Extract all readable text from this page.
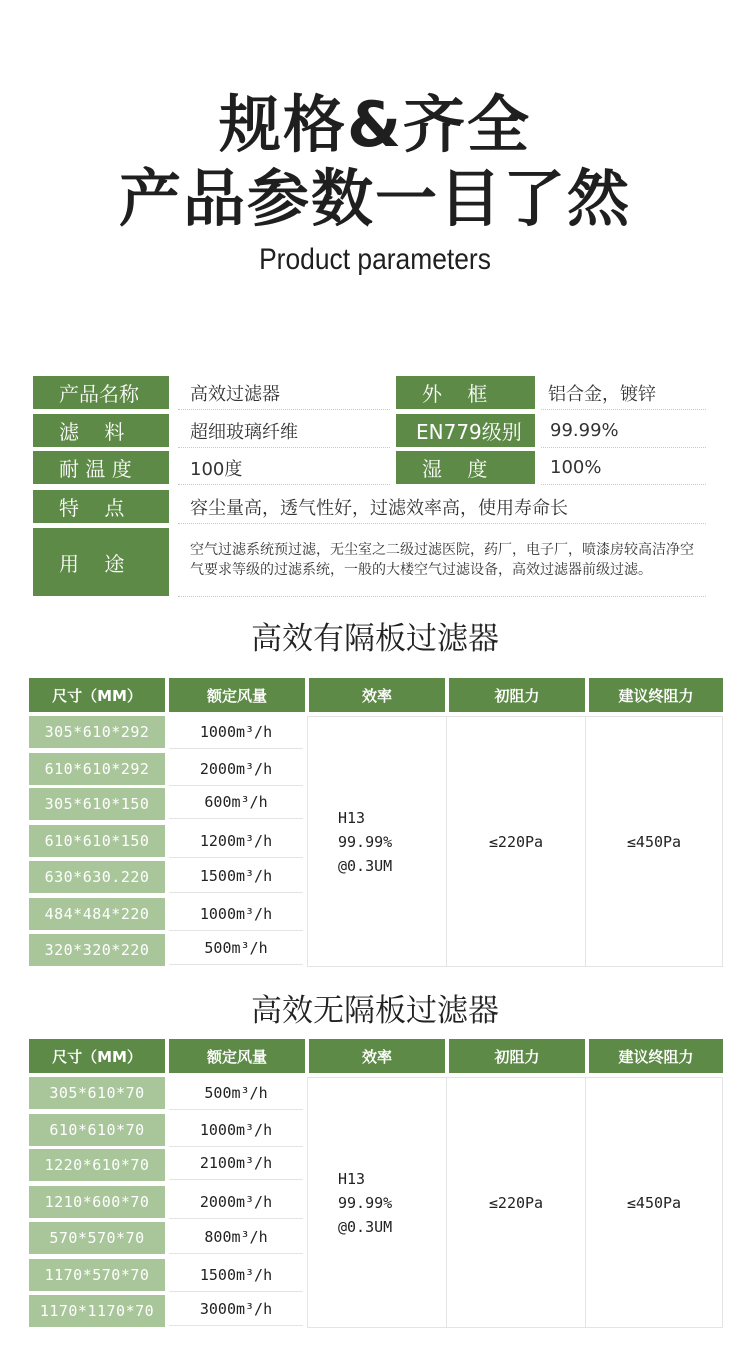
规格&齐全
产品参数一目了然
Product parameters
产品名称	高效过滤器	外    框	铝合金，镀锌
滤    料	超细玻璃纤维	EN779级别	99.99%
耐 温 度	100度	湿    度	100%
特    点	容尘量高，透气性好，过滤效率高，使用寿命长
用    途
空气过滤系统预过滤，无尘室之二级过滤医院，药厂，电子厂，喷漆房较高洁净空气要求等级的过滤系统，一般的大楼空气过滤设备，高效过滤器前级过滤。
高效有隔板过滤器
尺寸（MM）	额定风量	效率	初阻力	建议终阻力
305*610*292	1000m³/h
610*610*292	2000m³/h
305*610*150	600m³/h
610*610*150	1200m³/h
630*630.220	1500m³/h
484*484*220	1000m³/h
320*320*220	500m³/h
H13
99.99%
@0.3UM
≤220Pa	≤450Pa
高效无隔板过滤器
尺寸（MM）	额定风量	效率	初阻力	建议终阻力
305*610*70	500m³/h
610*610*70	1000m³/h
1220*610*70	2100m³/h
1210*600*70	2000m³/h
570*570*70	800m³/h
1170*570*70	1500m³/h
1170*1170*70	3000m³/h
H13
99.99%
@0.3UM
≤220Pa	≤450Pa
